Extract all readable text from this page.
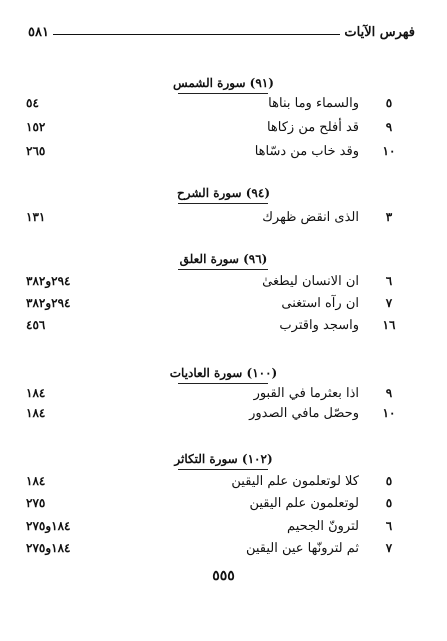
فهرس الآيات
٥٨١
(٩١) سورة الشمس
٥
والسماء وما بناها
٥٤
٩
قد أفلح من زكاها
١٥٢
١٠
وقد خاب من دسّاها
٢٦٥
(٩٤) سورة الشرح
٣
الذى انقض ظهرك
١٣١
(٩٦) سورة العلق
٦
ان الانسان ليطغىٰ
٢٩٤و٣٨٢
٧
ان رآه استغنى
٢٩٤و٣٨٢
١٦
واسجد واقترب
٤٥٦
(١٠٠) سورة العاديات
٩
اذا بعثرما في القبور
١٨٤
١٠
وحصّل مافي الصدور
١٨٤
(١٠٢) سورة التكاثر
٥
كلا لوتعلمون علم اليقين
١٨٤
٥
لوتعلمون علم اليقين
٢٧٥
٦
لترونّ الجحيم
١٨٤و٢٧٥
٧
ثم لترونّها عين اليقين
١٨٤و٢٧٥
٥٥٥
